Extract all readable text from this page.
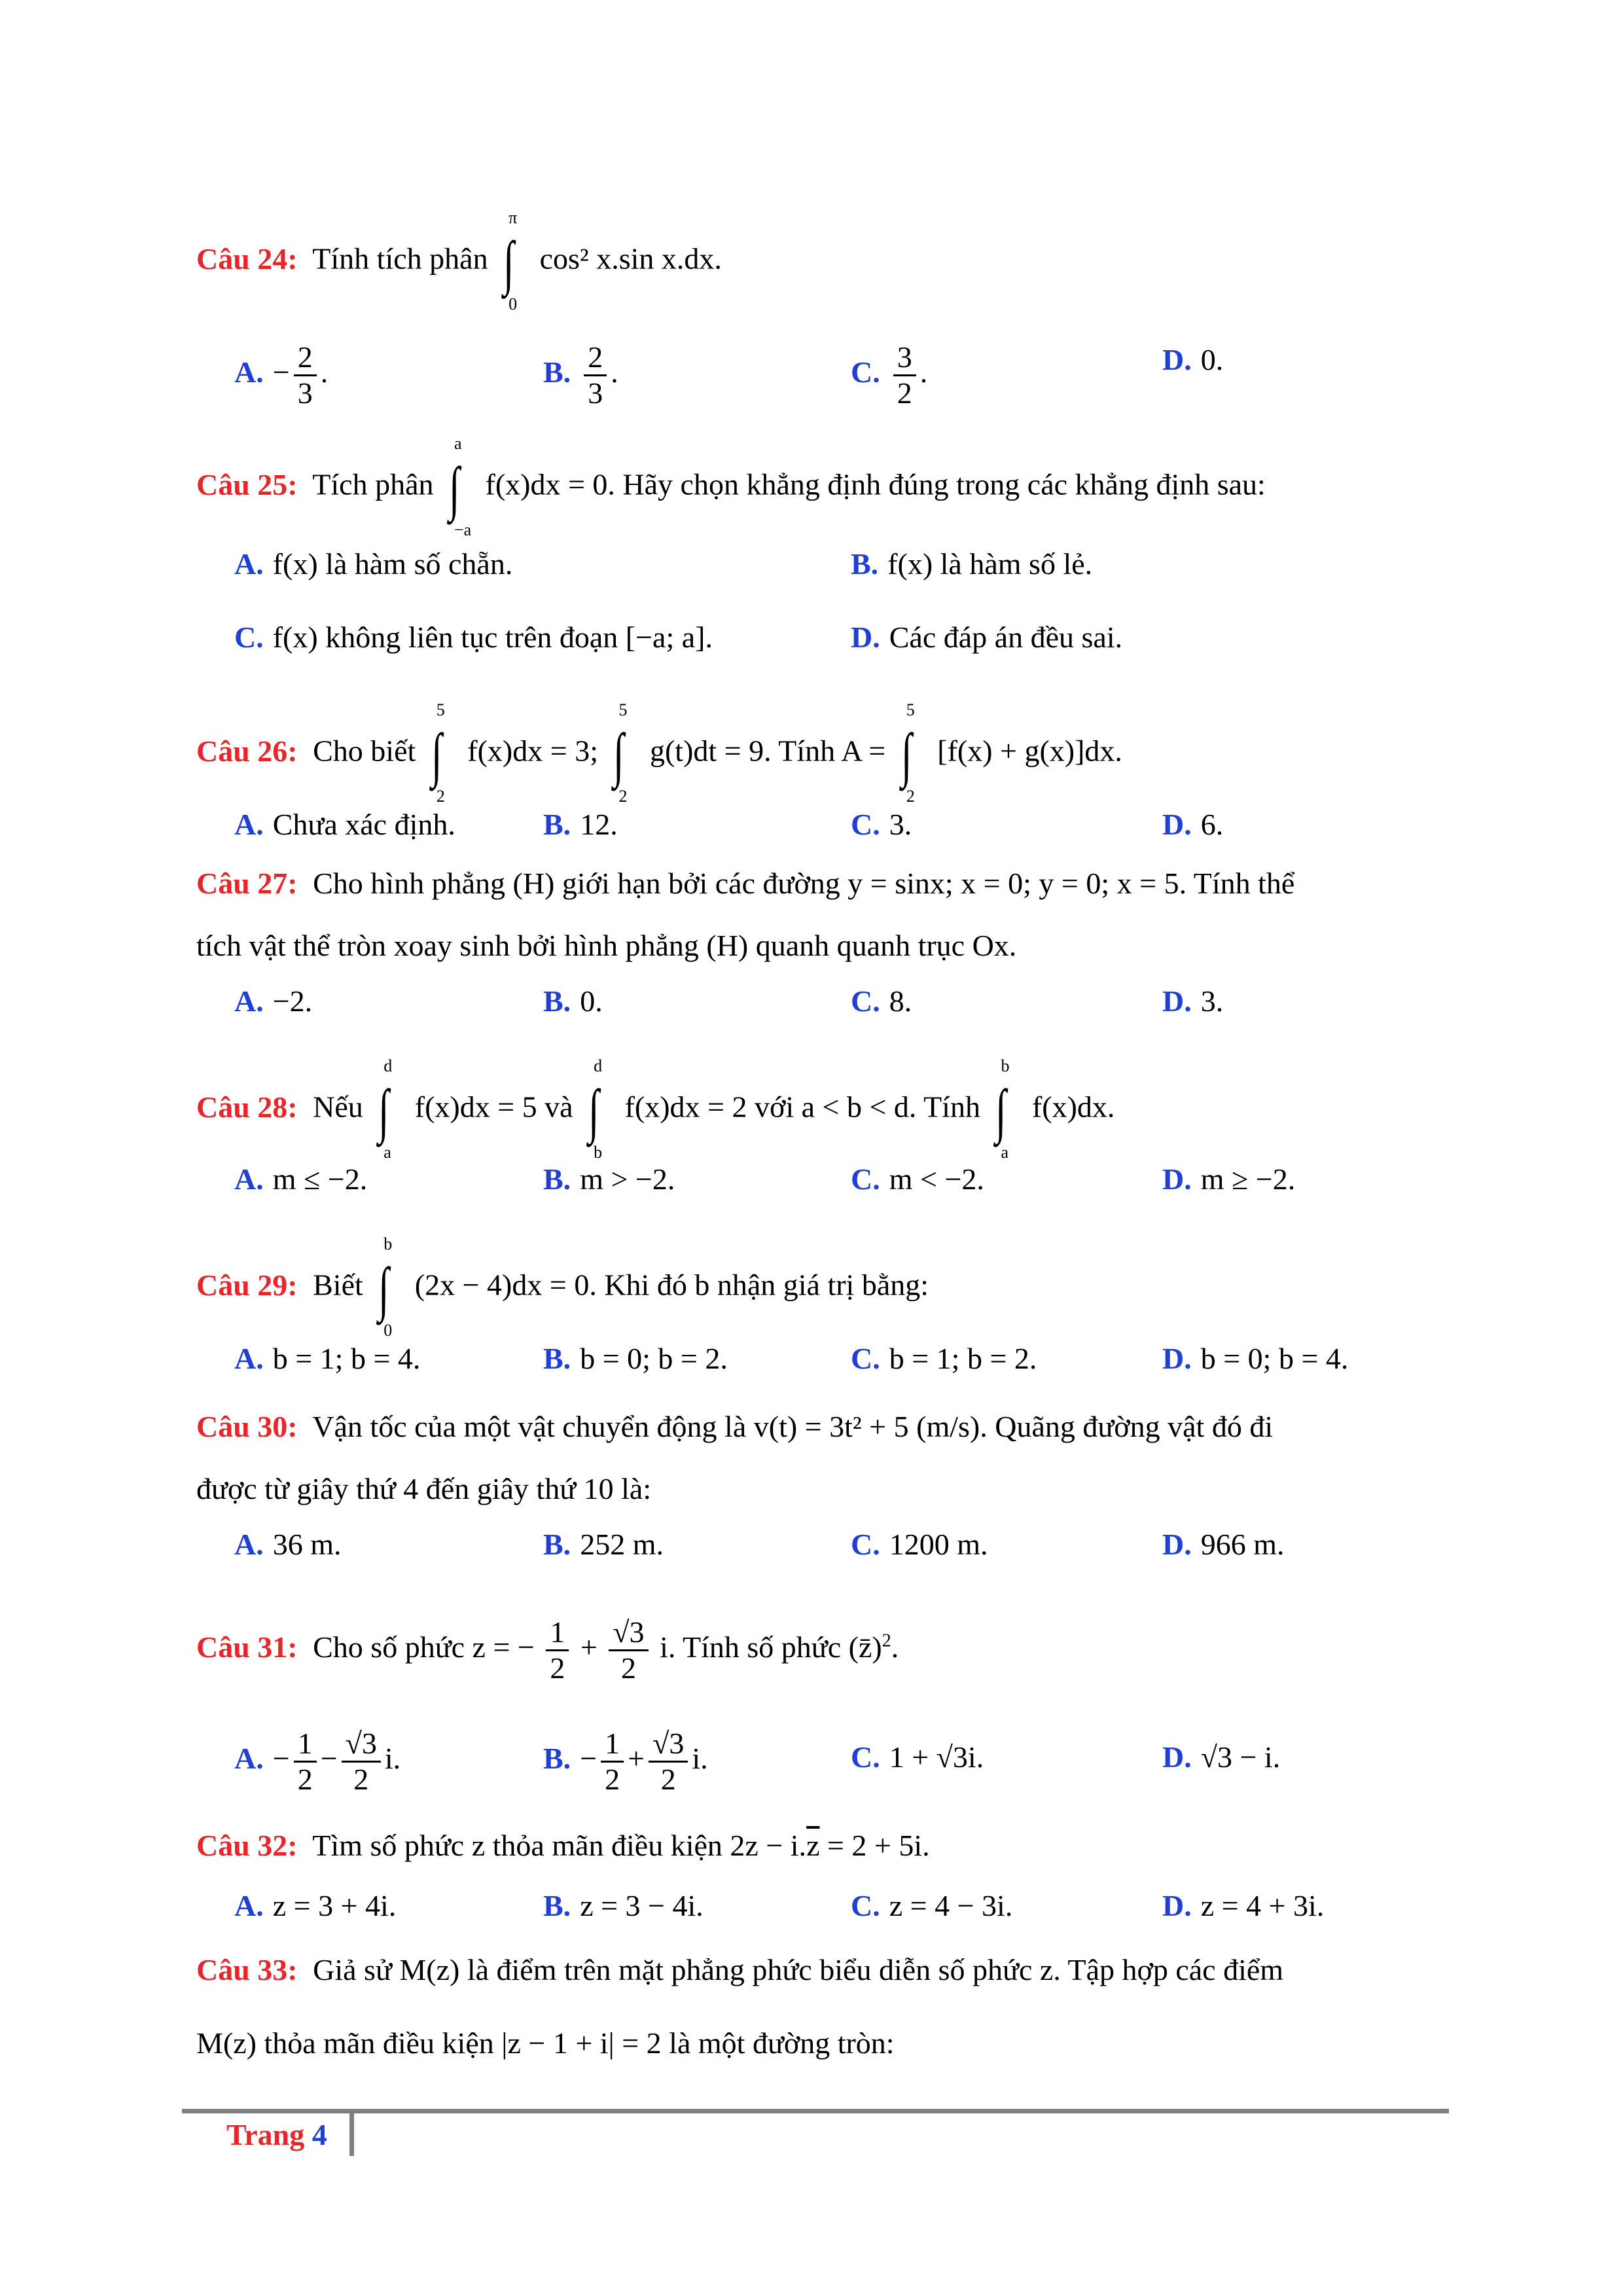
Câu 24: Tính tích phân
π
∫
0
cos² x.sin x.dx.
A. − $\frac{2}{3}$ .	B. $\frac{2}{3}$ .	C. $\frac{3}{2}$ .	D. 0.
Câu 25: Tích phân
a
∫
−a
f(x)dx = 0. Hãy chọn khẳng định đúng trong các khẳng định sau:
A. f(x) là hàm số chẵn.	B. f(x) là hàm số lẻ.
C. f(x) không liên tục trên đoạn [−a; a].	D. Các đáp án đều sai.
Câu 26: Cho biết
5
∫
2
f(x)dx = 3;
5
∫
2
g(t)dt = 9. Tính A =
5
∫
2
[f(x) + g(x)]dx.
A. Chưa xác định.	B. 12.	C. 3.	D. 6.
Câu 27: Cho hình phẳng (H) giới hạn bởi các đường y = sinx; x = 0; y = 0; x = 5. Tính thể
tích vật thể tròn xoay sinh bởi hình phẳng (H) quanh quanh trục Ox.
A. −2.	B. 0.	C. 8.	D. 3.
Câu 28: Nếu
d
∫
a
f(x)dx = 5 và
d
∫
b
f(x)dx = 2 với a < b < d. Tính
b
∫
a
f(x)dx.
A. m ≤ −2.	B. m > −2.	C. m < −2.	D. m ≥ −2.
Câu 29: Biết
b
∫
0
(2x − 4)dx = 0. Khi đó b nhận giá trị bằng:
A. b = 1; b = 4.	B. b = 0; b = 2.	C. b = 1; b = 2.	D. b = 0; b = 4.
Câu 30: Vận tốc của một vật chuyển động là v(t) = 3t² + 5 (m/s). Quãng đường vật đó đi
được từ giây thứ 4 đến giây thứ 10 là:
A. 36 m.	B. 252 m.	C. 1200 m.	D. 966 m.
Câu 31: Cho số phức z = − $\frac{1}{2} + \frac{√3}{2} i$. Tính số phức (z̄)$^2$.
A. − $\frac{1}{2} - \frac{√3}{2} i$.	B. − $\frac{1}{2} + \frac{√3}{2} i$.	C. 1 + √3i.	D. √3 − i.
Câu 32: Tìm số phức z thỏa mãn điều kiện $2z - i.\overline{z} = 2 + 5i$.
A. z = 3 + 4i.	B. z = 3 − 4i.	C. z = 4 − 3i.	D. z = 4 + 3i.
Câu 33: Giả sử M(z) là điểm trên mặt phẳng phức biểu diễn số phức z. Tập hợp các điểm
M(z) thỏa mãn điều kiện |z − 1 + i| = 2 là một đường tròn:
Trang 4
